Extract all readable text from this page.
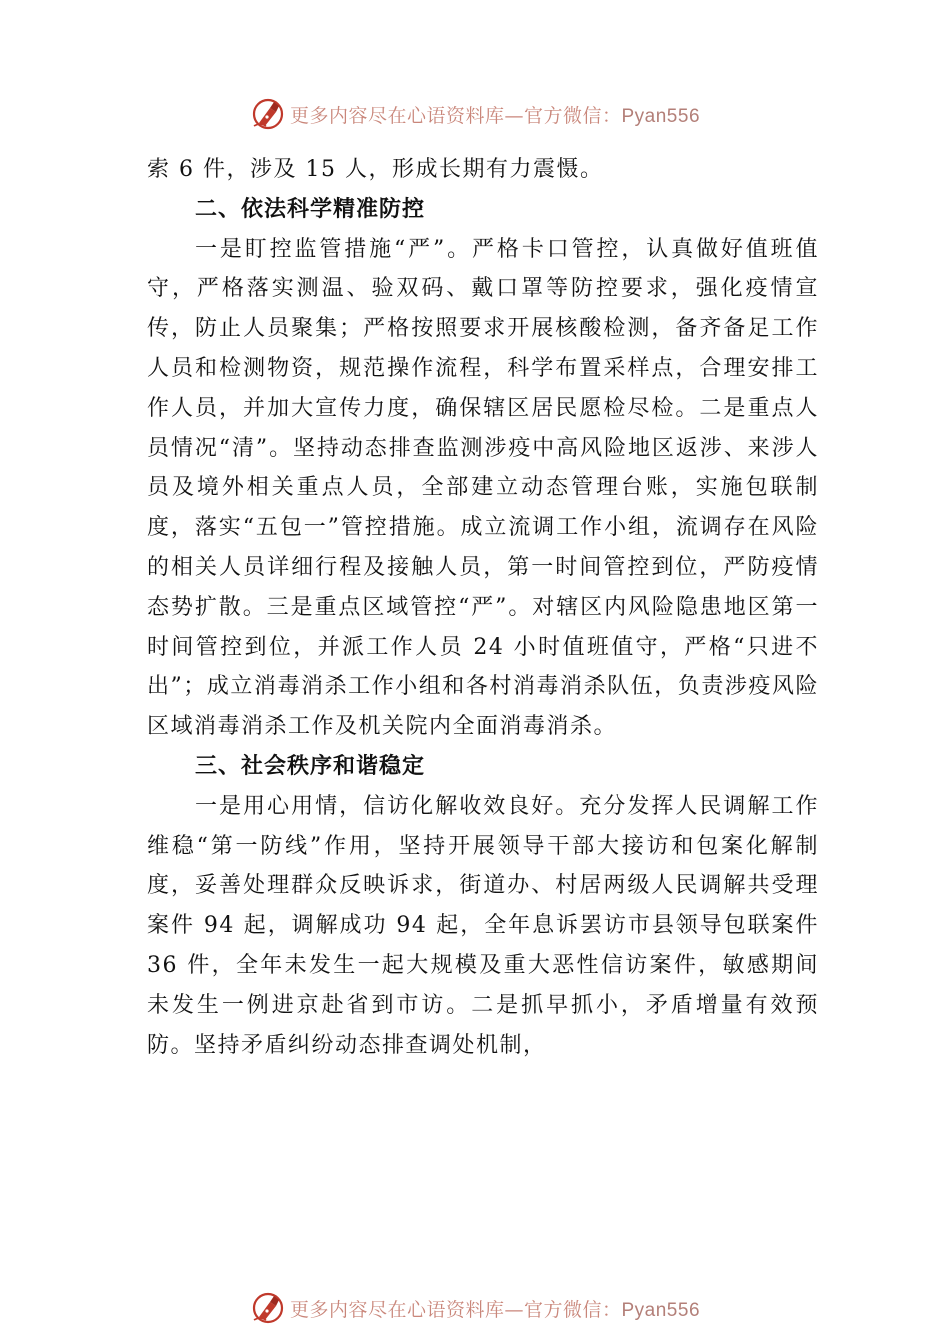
更多内容尽在心语资料库—官方微信：Pyan556

索 6 件，涉及 15 人，形成长期有力震慑。

二、依法科学精准防控

一是盯控监管措施“严”。严格卡口管控，认真做好值班值守，严格落实测温、验双码、戴口罩等防控要求，强化疫情宣传，防止人员聚集；严格按照要求开展核酸检测，备齐备足工作人员和检测物资，规范操作流程，科学布置采样点，合理安排工作人员，并加大宣传力度，确保辖区居民愿检尽检。二是重点人员情况“清”。坚持动态排查监测涉疫中高风险地区返涉、来涉人员及境外相关重点人员，全部建立动态管理台账，实施包联制度，落实“五包一”管控措施。成立流调工作小组，流调存在风险的相关人员详细行程及接触人员，第一时间管控到位，严防疫情态势扩散。三是重点区域管控“严”。对辖区内风险隐患地区第一时间管控到位，并派工作人员 24 小时值班值守，严格“只进不出”；成立消毒消杀工作小组和各村消毒消杀队伍，负责涉疫风险区域消毒消杀工作及机关院内全面消毒消杀。

三、社会秩序和谐稳定

一是用心用情，信访化解收效良好。充分发挥人民调解工作维稳“第一防线”作用，坚持开展领导干部大接访和包案化解制度，妥善处理群众反映诉求，街道办、村居两级人民调解共受理案件 94 起，调解成功 94 起，全年息诉罢访市县领导包联案件 36 件，全年未发生一起大规模及重大恶性信访案件，敏感期间未发生一例进京赴省到市访。二是抓早抓小，矛盾增量有效预防。坚持矛盾纠纷动态排查调处机制，

更多内容尽在心语资料库—官方微信：Pyan556
